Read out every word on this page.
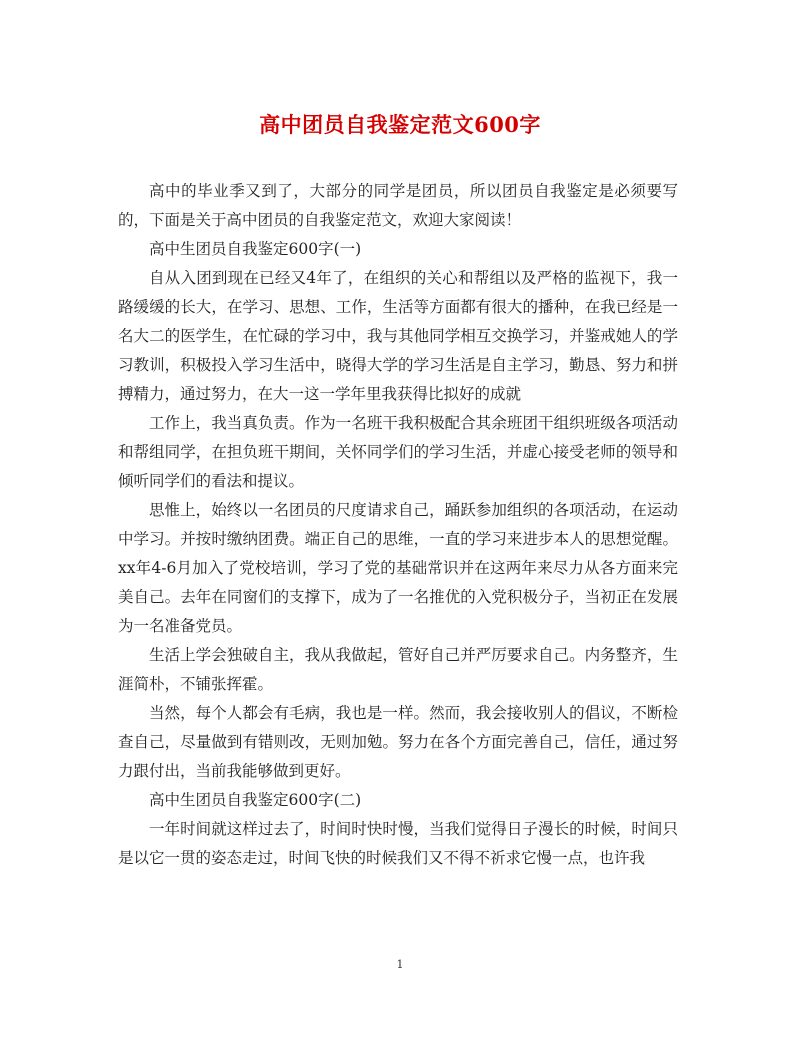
高中团员自我鉴定范文600字

高中的毕业季又到了，大部分的同学是团员，所以团员自我鉴定是必须要写的，下面是关于高中团员的自我鉴定范文，欢迎大家阅读！

高中生团员自我鉴定600字(一)

自从入团到现在已经又4年了，在组织的关心和帮组以及严格的监视下，我一路缓缓的长大，在学习、思想、工作，生活等方面都有很大的播种，在我已经是一名大二的医学生，在忙碌的学习中，我与其他同学相互交换学习，并鉴戒她人的学习教训，积极投入学习生活中，晓得大学的学习生活是自主学习，勤恳、努力和拼搏精力，通过努力，在大一这一学年里我获得比拟好的成就

工作上，我当真负责。作为一名班干我积极配合其余班团干组织班级各项活动和帮组同学，在担负班干期间，关怀同学们的学习生活，并虚心接受老师的领导和倾听同学们的看法和提议。

思惟上，始终以一名团员的尺度请求自己，踊跃参加组织的各项活动，在运动中学习。并按时缴纳团费。端正自己的思维，一直的学习来进步本人的思想觉醒。xx年4-6月加入了党校培训，学习了党的基础常识并在这两年来尽力从各方面来完美自己。去年在同窗们的支撑下，成为了一名推优的入党积极分子，当初正在发展为一名准备党员。

生活上学会独破自主，我从我做起，管好自己并严厉要求自己。内务整齐，生涯简朴，不铺张挥霍。

当然，每个人都会有毛病，我也是一样。然而，我会接收别人的倡议，不断检查自己，尽量做到有错则改，无则加勉。努力在各个方面完善自己，信任，通过努力跟付出，当前我能够做到更好。

高中生团员自我鉴定600字(二)

一年时间就这样过去了，时间时快时慢，当我们觉得日子漫长的时候，时间只是以它一贯的姿态走过，时间飞快的时候我们又不得不祈求它慢一点，也许我

1
